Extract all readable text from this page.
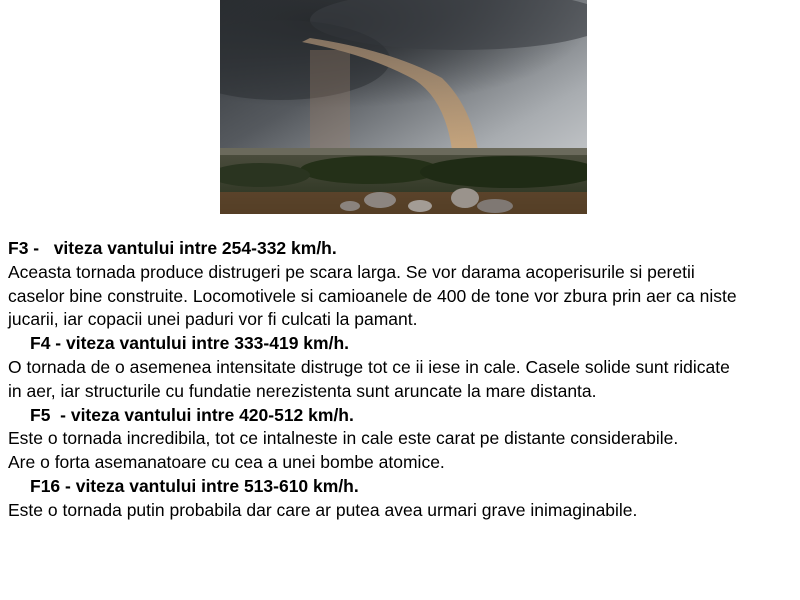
F3 -   viteza vantului intre 254-332 km/h.

Aceasta tornada produce distrugeri pe scara larga. Se vor darama acoperisurile si peretii caselor bine construite. Locomotivele si camioanele de 400 de tone vor zbura prin aer ca niste jucarii, iar copacii unei paduri vor fi culcati la pamant.

F4 - viteza vantului intre 333-419 km/h.

O tornada de o asemenea intensitate distruge tot ce ii iese in cale. Casele solide sunt ridicate in aer, iar structurile cu fundatie nerezistenta sunt aruncate la mare distanta.

F5  - viteza vantului intre 420-512 km/h.

Este o tornada incredibila, tot ce intalneste in cale este carat pe distante considerabile.

Are o forta asemanatoare cu cea a unei bombe atomice.

F16 - viteza vantului intre 513-610 km/h.

Este o tornada putin probabila dar care ar putea avea urmari grave inimaginabile.
